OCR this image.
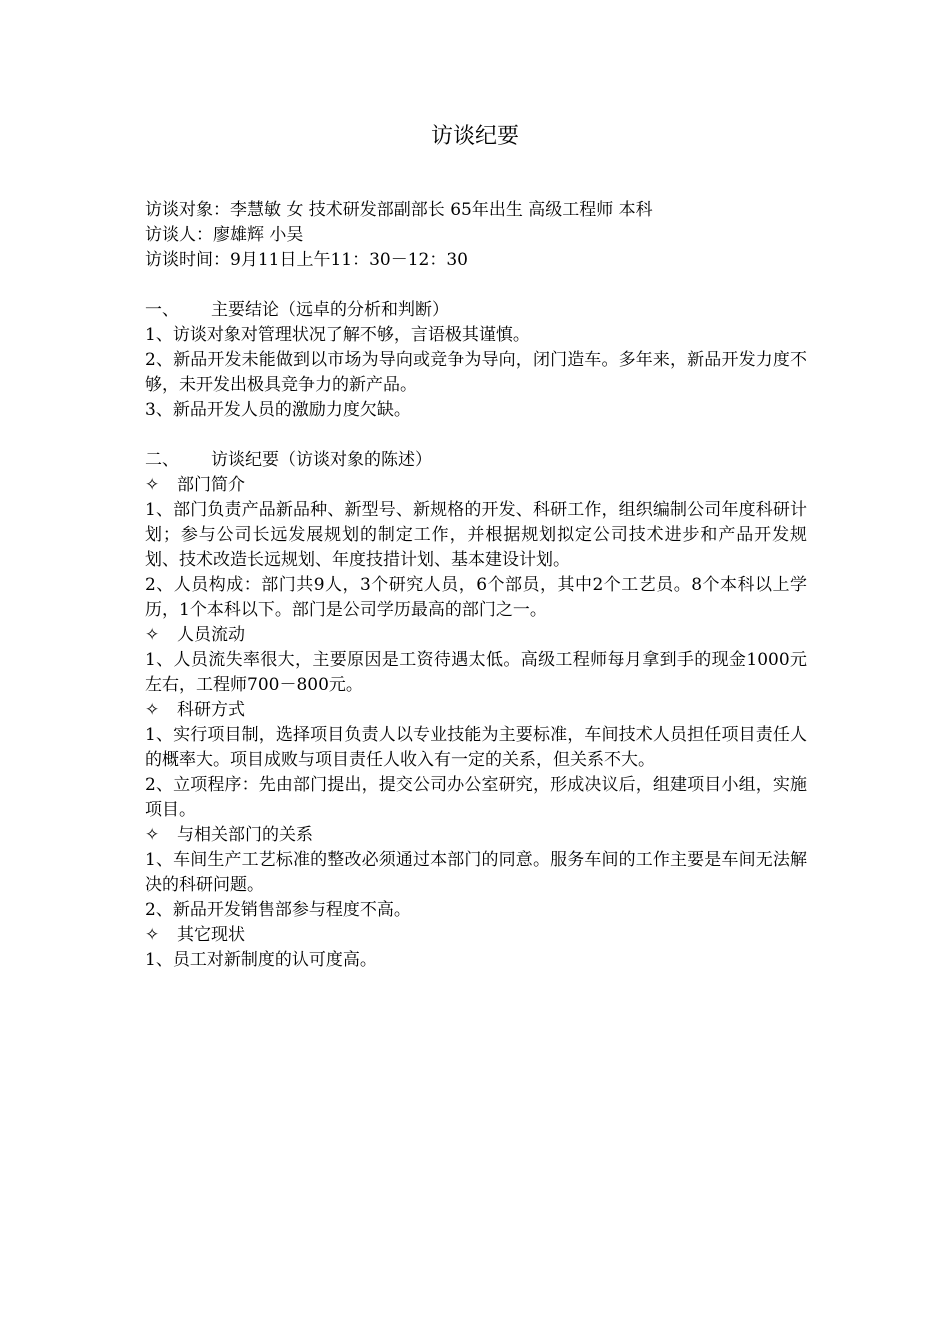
访谈纪要

访谈对象：李慧敏 女 技术研发部副部长 65年出生 高级工程师 本科

访谈人：廖雄辉 小吴

访谈时间：9月11日上午11：30－12：30

一、 主要结论（远卓的分析和判断）

1、访谈对象对管理状况了解不够，言语极其谨慎。

2、新品开发未能做到以市场为导向或竞争为导向，闭门造车。多年来，新品开发力度不够，未开发出极具竞争力的新产品。

3、新品开发人员的激励力度欠缺。

二、 访谈纪要（访谈对象的陈述）

✧ 部门简介

1、部门负责产品新品种、新型号、新规格的开发、科研工作，组织编制公司年度科研计划；参与公司长远发展规划的制定工作，并根据规划拟定公司技术进步和产品开发规划、技术改造长远规划、年度技措计划、基本建设计划。

2、人员构成：部门共9人，3个研究人员，6个部员，其中2个工艺员。8个本科以上学历，1个本科以下。部门是公司学历最高的部门之一。

✧ 人员流动

1、人员流失率很大，主要原因是工资待遇太低。高级工程师每月拿到手的现金1000元左右，工程师700－800元。

✧ 科研方式

1、实行项目制，选择项目负责人以专业技能为主要标准，车间技术人员担任项目责任人的概率大。项目成败与项目责任人收入有一定的关系，但关系不大。

2、立项程序：先由部门提出，提交公司办公室研究，形成决议后，组建项目小组，实施项目。

✧ 与相关部门的关系

1、车间生产工艺标准的整改必须通过本部门的同意。服务车间的工作主要是车间无法解决的科研问题。

2、新品开发销售部参与程度不高。

✧ 其它现状

1、员工对新制度的认可度高。
